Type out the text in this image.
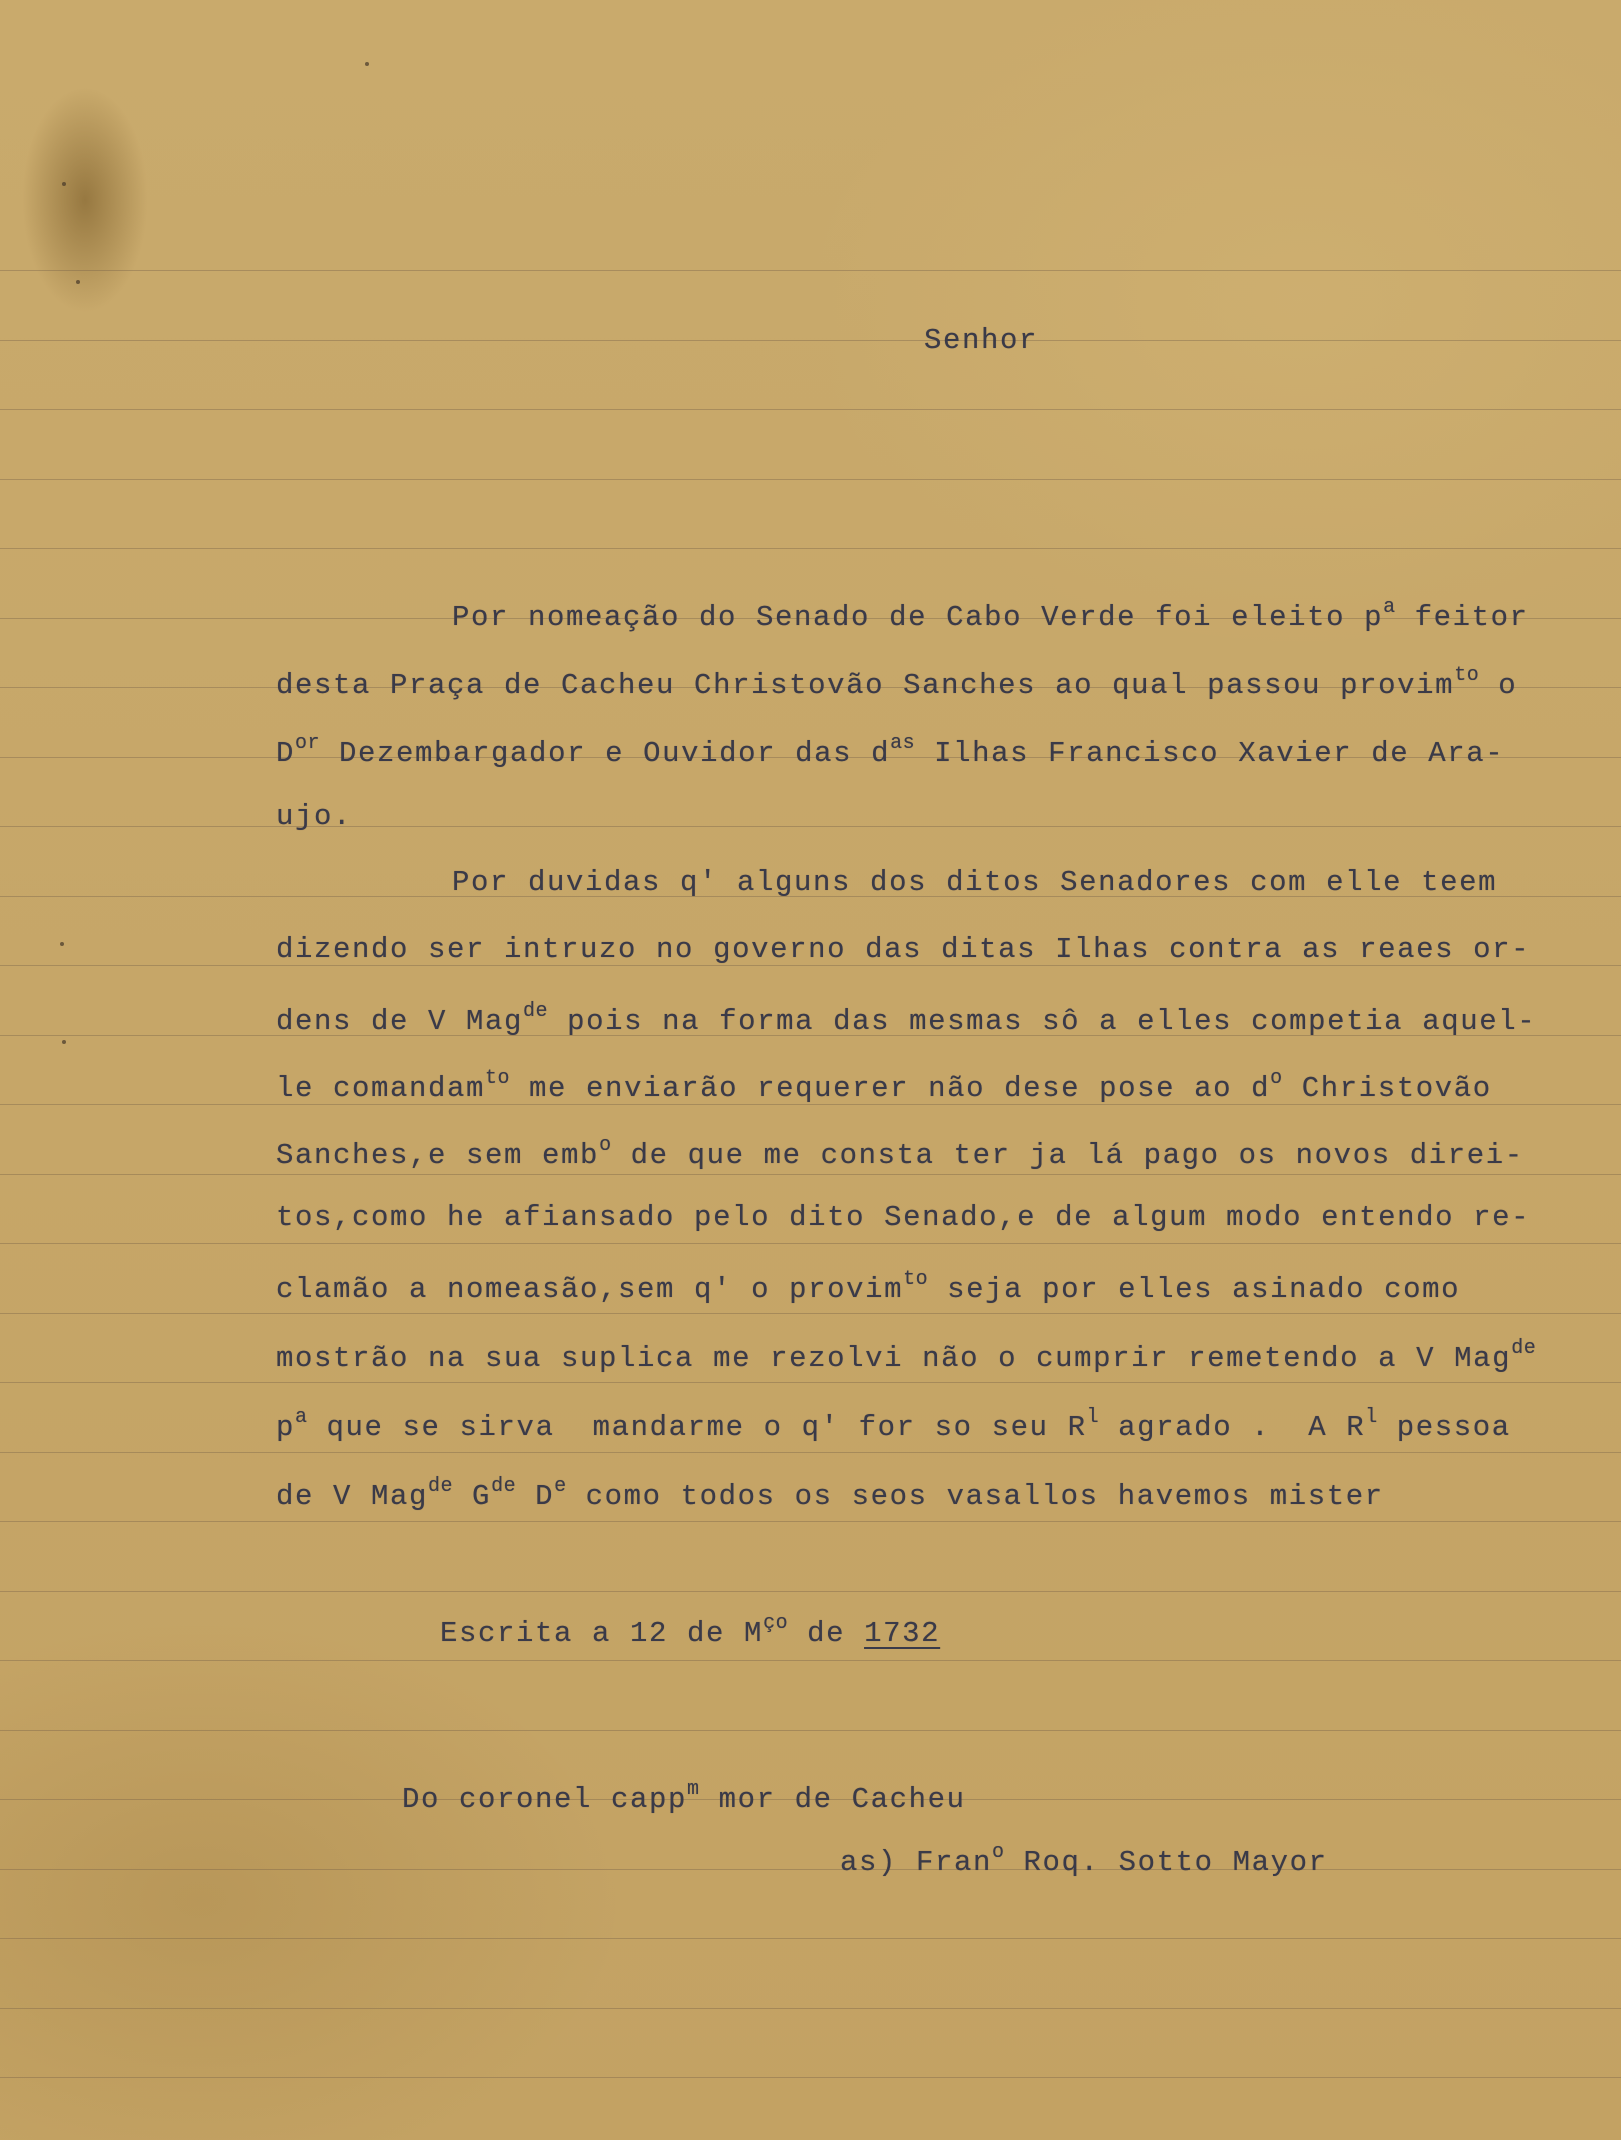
Senhor
Por nomeação do Senado de Cabo Verde foi eleito $p^a$ feitor
desta Praça de Cacheu Christovão Sanches ao qual passou provim$^{to}$ o
$D^{or}$ Dezembargador e Ouvidor das $d^{as}$ Ilhas Francisco Xavier de Ara-
ujo.
Por duvidas q' alguns dos ditos Senadores com elle teem
dizendo ser intruzo no governo das ditas Ilhas contra as reaes or-
dens de V Mag$^{de}$ pois na forma das mesmas sô a elles competia aquel-
le comandam$^{to}$ me enviarão requerer não dese pose ao $d^o$ Christovão
Sanches,e sem emb$^o$ de que me consta ter ja lá pago os novos direi-
tos,como he afiansado pelo dito Senado,e de algum modo entendo re-
clamão a nomeasão,sem q' o provim$^{to}$ seja por elles asinado como
mostrão na sua suplica me rezolvi não o cumprir remetendo a V Mag$^{de}$
$p^a$ que se sirva  mandarme o q' for so seu $R^l$ agrado .  A $R^l$ pessoa
de V Mag$^{de}$ $G^{de}$ De como todos os seos vasallos havemos mister
Escrita a 12 de $M^{ço}$ de 1732
Do coronel capp$^m$ mor de Cacheu
as) Fran$^o$ Roq. Sotto Mayor
